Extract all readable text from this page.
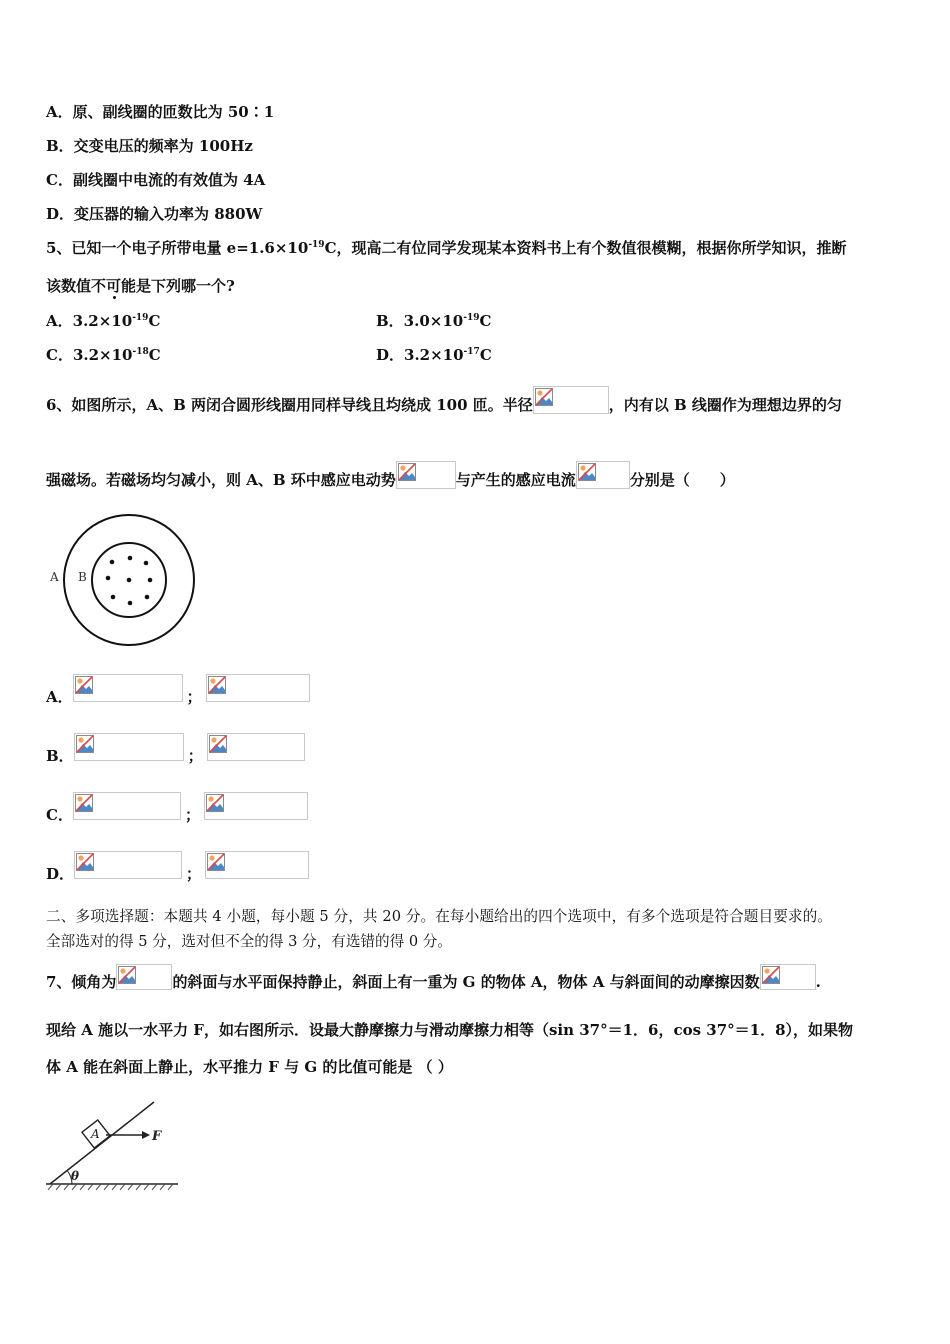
A．原、副线圈的匝数比为 50∶1
B．交变电压的频率为 100Hz
C．副线圈中电流的有效值为 4A
D．变压器的输入功率为 880W
5、已知一个电子所带电量 $e=1.6\times 10^{-19}C$，现高二有位同学发现某本资料书上有个数值很模糊，根据你所学知识，推断
该数值不可能是下列哪一个?
A．$3.2\times 10^{-19}C$	B．$3.0\times 10^{-19}C$
C．$3.2\times 10^{-18}C$	D．$3.2\times 10^{-17}C$
6、如图所示，A、B 两闭合圆形线圈用同样导线且均绕成 100 匝。半径	，内有以 B 线圈作为理想边界的匀
强磁场。若磁场均匀减小，则 A、B 环中感应电动势	与产生的感应电流	分别是（　　）
A B
A．	；
B．	；
C．	；
D．	；
二、多项选择题：本题共 4 小题，每小题 5 分，共 20 分。在每小题给出的四个选项中，有多个选项是符合题目要求的。
全部选对的得 5 分，选对但不全的得 3 分，有选错的得 0 分。
7、倾角为	的斜面与水平面保持静止，斜面上有一重为 G 的物体 A，物体 A 与斜面间的动摩擦因数	.
现给 A 施以一水平力 F，如右图所示．设最大静摩擦力与滑动摩擦力相等（sin 37°＝1．6，cos 37°＝1．8），如果物
体 A 能在斜面上静止，水平推力 F 与 G 的比值可能是 （ ）
A	F
θ
